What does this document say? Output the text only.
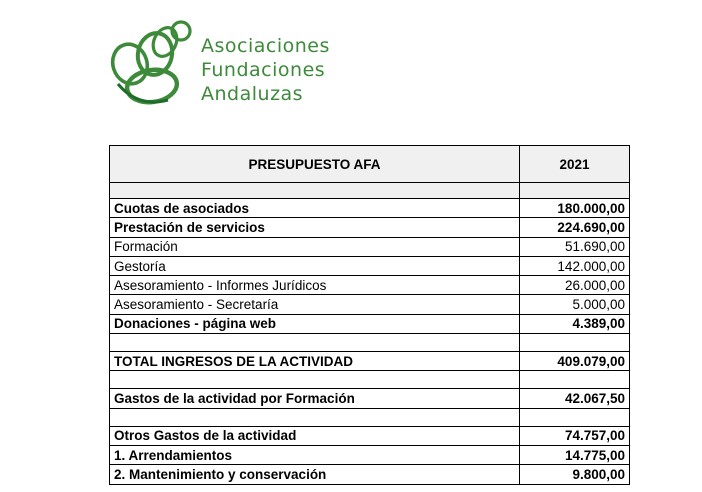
Asociaciones
Fundaciones
Andaluzas
PRESUPUESTO AFA	2021

Cuotas de asociados	180.000,00
Prestación de servicios	224.690,00
Formación	51.690,00
Gestoría	142.000,00
Asesoramiento - Informes Jurídicos	26.000,00
Asesoramiento - Secretaría	5.000,00
Donaciones - página web	4.389,00

TOTAL INGRESOS DE LA ACTIVIDAD	409.079,00

Gastos de la actividad por Formación	42.067,50

Otros Gastos de la actividad	74.757,00
1. Arrendamientos	14.775,00
2. Mantenimiento y conservación	9.800,00
